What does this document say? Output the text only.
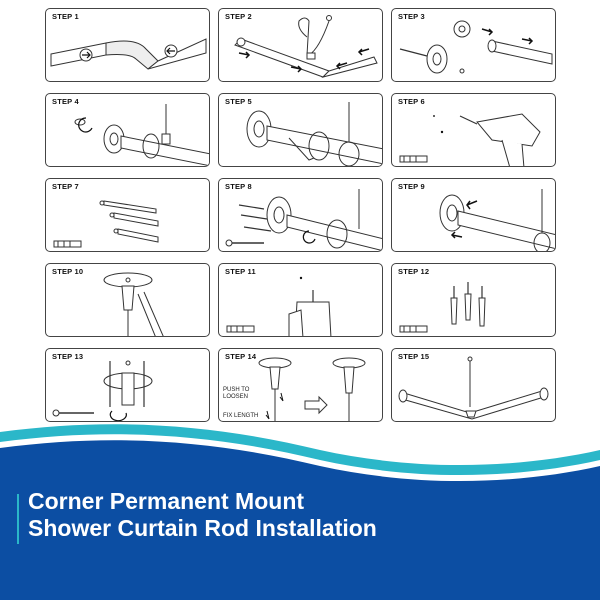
STEP 1	STEP 2	STEP 3
STEP 4	STEP 5	STEP 6
STEP 7	STEP 8	STEP 9
STEP 10	STEP 11	STEP 12
STEP 13	STEP 14
PUSH TO
LOOSEN
FIX LENGTH
STEP 15
Corner Permanent Mount
Shower Curtain Rod Installation
